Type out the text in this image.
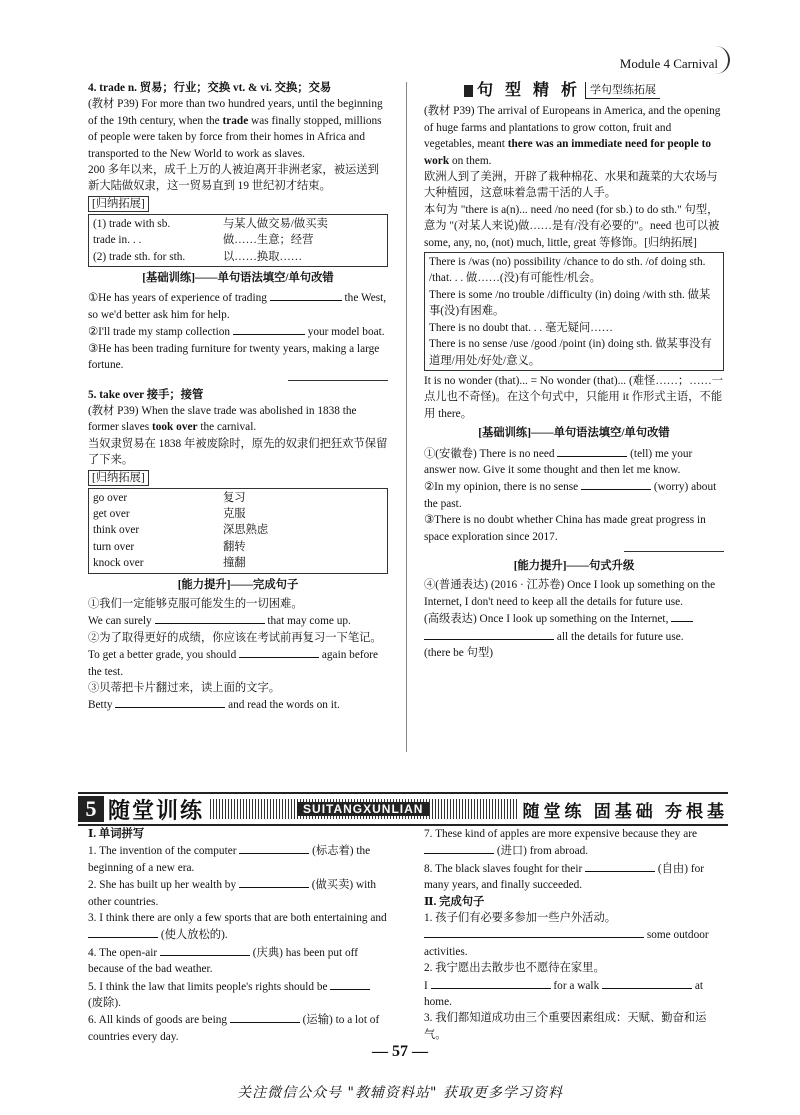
Module 4 Carnival

4. trade n. 贸易；行业；交换 vt. & vi. 交换；交易

(教材 P39) For more than two hundred years, until the beginning of the 19th century, when the trade was finally stopped, millions of people were taken by force from their homes in Africa and transported to the New World to work as slaves.

200 多年以来，成千上万的人被迫离开非洲老家，被运送到新大陆做奴隶，这一贸易直到 19 世纪初才结束。

[归纳拓展]
(1) trade with sb.	与某人做交易/做买卖
trade in. . .	做……生意；经营
(2) trade sth. for sth.	以……换取……

[基础训练]——单句语法填空/单句改错

①He has years of experience of trading	the West, so we'd better ask him for help.

②I'll trade my stamp collection	your model boat.

③He has been trading furniture for twenty years, making a large fortune.

5. take over 接手；接管

(教材 P39) When the slave trade was abolished in 1838 the former slaves took over the carnival.

当奴隶贸易在 1838 年被废除时，原先的奴隶们把狂欢节保留了下来。

[归纳拓展]
go over	复习
get over	克服
think over	深思熟虑
turn over	翻转
knock over	撞翻

[能力提升]——完成句子

①我们一定能够克服可能发生的一切困难。

We can surely	that may come up.

②为了取得更好的成绩，你应该在考试前再复习一下笔记。

To get a better grade, you should	again before the test.

③贝蒂把卡片翻过来，读上面的文字。

Betty	and read the words on it.

句 型 精 析 学句型练拓展

(教材 P39) The arrival of Europeans in America, and the opening of huge farms and plantations to grow cotton, fruit and vegetables, meant there was an immediate need for people to work on them.

欧洲人到了美洲，开辟了栽种棉花、水果和蔬菜的大农场与大种植园，这意味着急需干活的人手。

本句为 "there is a(n)... need /no need (for sb.) to do sth." 句型，意为 "(对某人来说)做……是有/没有必要的"。need 也可以被 some, any, no, (not) much, little, great 等修饰。[归纳拓展]

There is /was (no) possibility /chance to do sth. /of doing sth. /that. . . 做……(没)有可能性/机会。
There is some /no trouble /difficulty (in) doing /with sth. 做某事(没)有困难。
There is no doubt that. . . 毫无疑问……
There is no sense /use /good /point (in) doing sth. 做某事没有道理/用处/好处/意义。

It is no wonder (that)... = No wonder (that)... (难怪……；……一点儿也不奇怪)。在这个句式中，只能用 it 作形式主语，不能用 there。

[基础训练]——单句语法填空/单句改错

①(安徽卷) There is no need	(tell) me your answer now. Give it some thought and then let me know.

②In my opinion, there is no sense	(worry) about the past.

③There is no doubt whether China has made great progress in space exploration since 2017.

[能力提升]——句式升级

④(普通表达) (2016 · 江苏卷) Once I look up something on the Internet, I don't need to keep all the details for future use.

(高级表达) Once I look up something on the Internet,
all the details for future use.

(there be 句型)

5 随堂训练	SUITANGXUNLIAN	随堂练 固基础 夯根基

Ⅰ. 单词拼写

1. The invention of the computer	(标志着) the beginning of a new era.

2. She has built up her wealth by	(做买卖) with other countries.

3. I think there are only a few sports that are both entertaining and  (使人放松的).

4. The open-air	(庆典) has been put off because of the bad weather.

5. I think the law that limits people's rights should be  (废除).

6. All kinds of goods are being	(运输) to a lot of countries every day.

7. These kind of apples are more expensive because they are  (进口) from abroad.

8. The black slaves fought for their	(自由) for many years, and finally succeeded.

Ⅱ. 完成句子

1. 孩子们有必要多参加一些户外活动。

some outdoor activities.

2. 我宁愿出去散步也不愿待在家里。

I	for a walk	at home.

3. 我们都知道成功由三个重要因素组成：天赋、勤奋和运气。

— 57 —
关注微信公众号 "教辅资料站" 获取更多学习资料
